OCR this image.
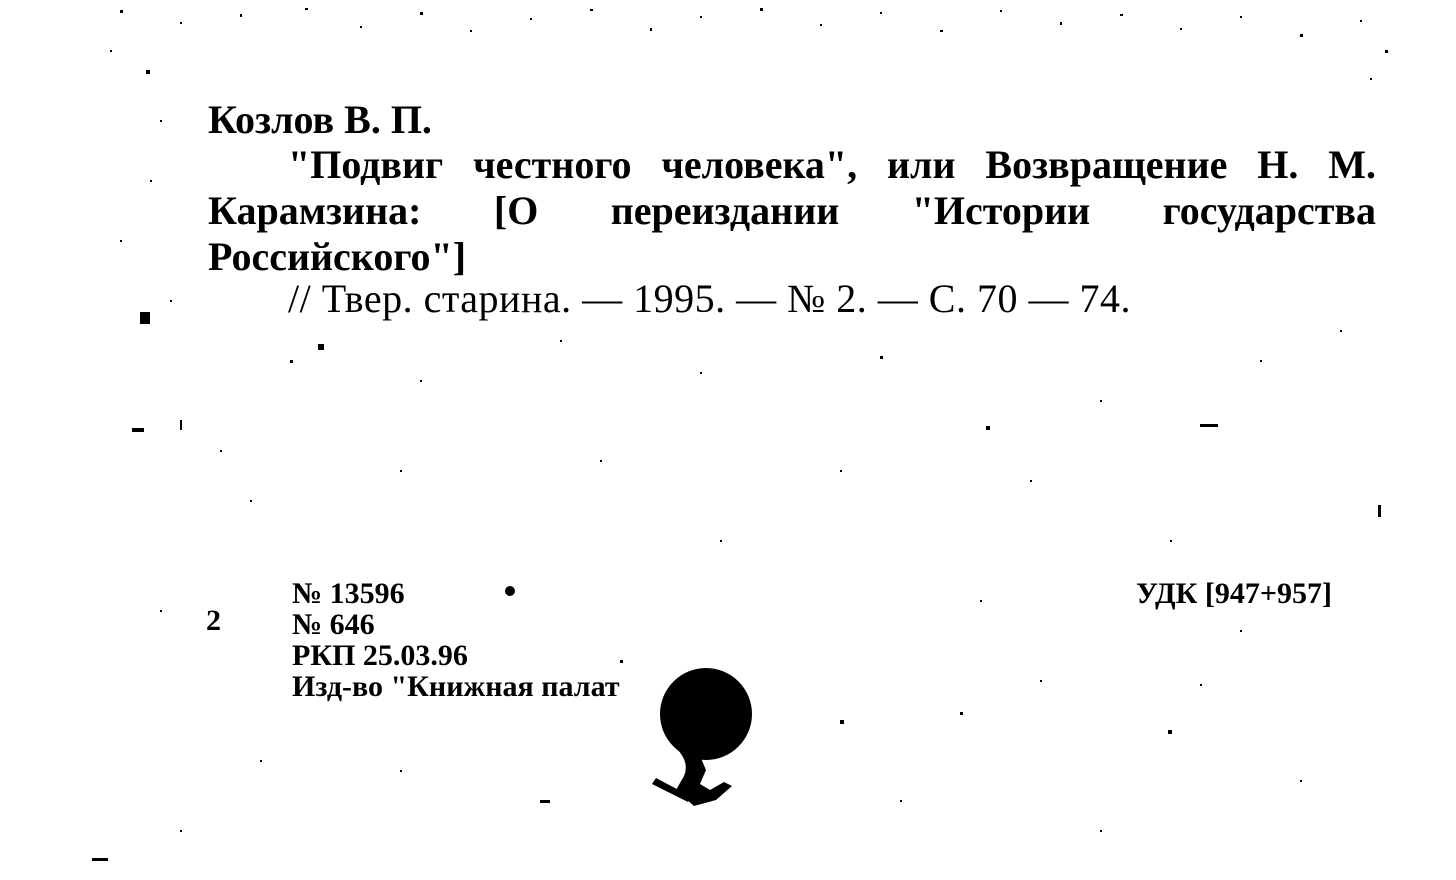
Козлов В. П.

"Подвиг честного человека", или Возвращение Н. М. Карамзина: [О переиздании "Истории государства Российского"]

// Твер. старина. — 1995. — № 2. — С. 70 — 74.

2

№ 13596
№ 646
РКП 25.03.96
Изд-во "Книжная палат

УДК [947+957]
